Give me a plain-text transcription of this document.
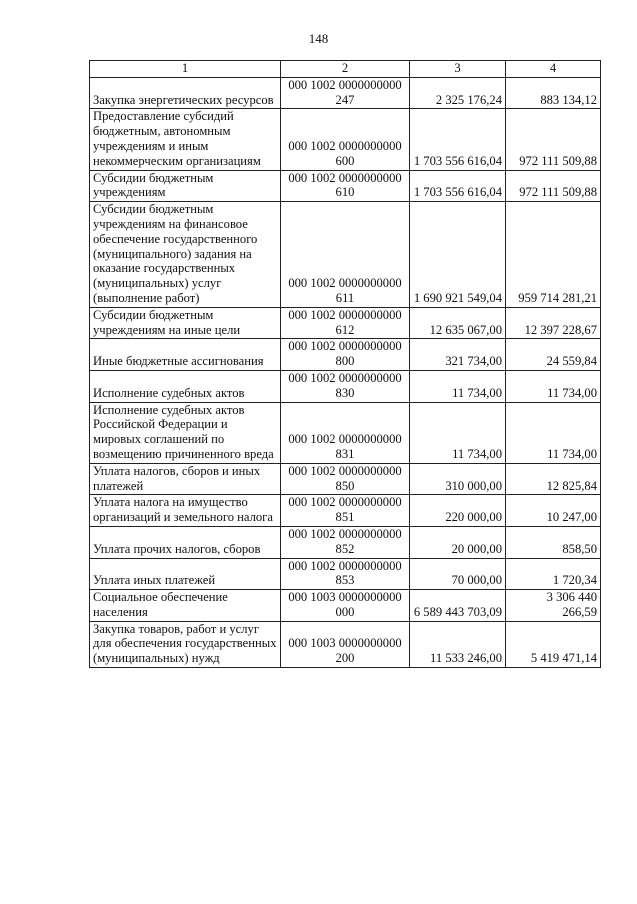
148
1	2	3	4
Закупка энергетических ресурсов	000 1002 0000000000 247	2 325 176,24	883 134,12
Предоставление субсидий бюджетным, автономным учреждениям и иным некоммерческим организациям	000 1002 0000000000 600	1 703 556 616,04	972 111 509,88
Субсидии бюджетным учреждениям	000 1002 0000000000 610	1 703 556 616,04	972 111 509,88
Субсидии бюджетным учреждениям на финансовое обеспечение государственного (муниципального) задания на оказание государственных (муниципальных) услуг (выполнение работ)	000 1002 0000000000 611	1 690 921 549,04	959 714 281,21
Субсидии бюджетным учреждениям на иные цели	000 1002 0000000000 612	12 635 067,00	12 397 228,67
Иные бюджетные ассигнования	000 1002 0000000000 800	321 734,00	24 559,84
Исполнение судебных актов	000 1002 0000000000 830	11 734,00	11 734,00
Исполнение судебных актов Российской Федерации и мировых соглашений по возмещению причиненного вреда	000 1002 0000000000 831	11 734,00	11 734,00
Уплата налогов, сборов и иных платежей	000 1002 0000000000 850	310 000,00	12 825,84
Уплата налога на имущество организаций и земельного налога	000 1002 0000000000 851	220 000,00	10 247,00
Уплата прочих налогов, сборов	000 1002 0000000000 852	20 000,00	858,50
Уплата иных платежей	000 1002 0000000000 853	70 000,00	1 720,34
Социальное обеспечение населения	000 1003 0000000000 000	6 589 443 703,09	3 306 440 266,59
Закупка товаров, работ и услуг для обеспечения государственных (муниципальных) нужд	000 1003 0000000000 200	11 533 246,00	5 419 471,14
